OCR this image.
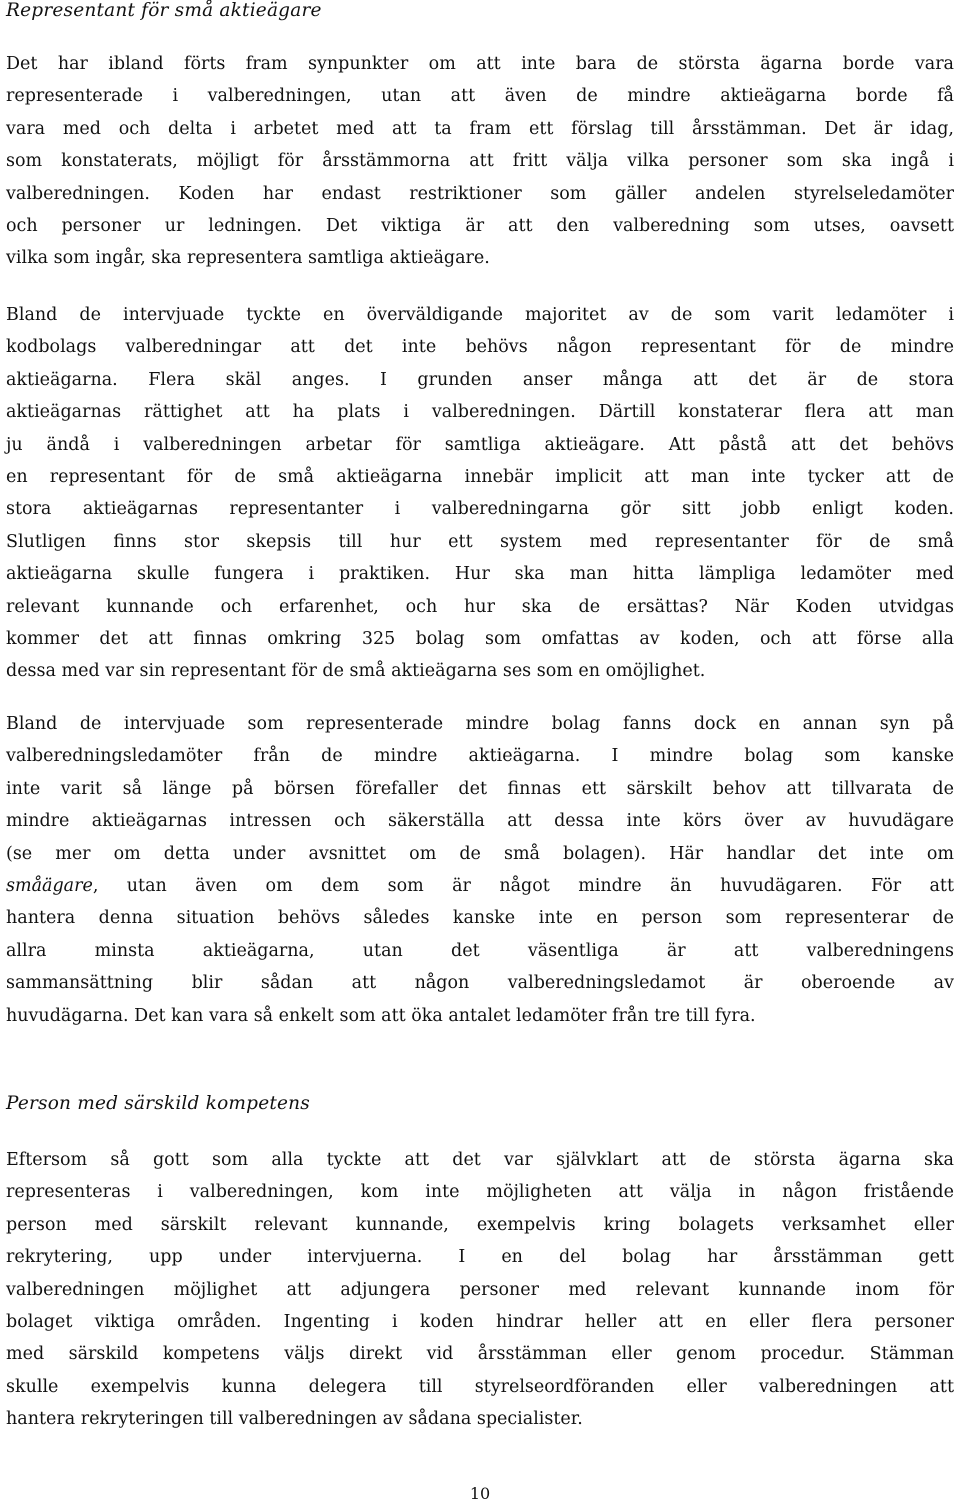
Representant för små aktieägare

Det har ibland förts fram synpunkter om att inte bara de största ägarna borde vara
representerade i valberedningen, utan att även de mindre aktieägarna borde få
vara med och delta i arbetet med att ta fram ett förslag till årsstämman. Det är idag,
som konstaterats, möjligt för årsstämmorna att fritt välja vilka personer som ska ingå i
valberedningen. Koden har endast restriktioner som gäller andelen styrelseledamöter
och personer ur ledningen. Det viktiga är att den valberedning som utses, oavsett
vilka som ingår, ska representera samtliga aktieägare.

Bland de intervjuade tyckte en överväldigande majoritet av de som varit ledamöter i
kodbolags valberedningar att det inte behövs någon representant för de mindre
aktieägarna. Flera skäl anges. I grunden anser många att det är de stora
aktieägarnas rättighet att ha plats i valberedningen. Därtill konstaterar flera att man
ju ändå i valberedningen arbetar för samtliga aktieägare. Att påstå att det behövs
en representant för de små aktieägarna innebär implicit att man inte tycker att de
stora aktieägarnas representanter i valberedningarna gör sitt jobb enligt koden.
Slutligen finns stor skepsis till hur ett system med representanter för de små
aktieägarna skulle fungera i praktiken. Hur ska man hitta lämpliga ledamöter med
relevant kunnande och erfarenhet, och hur ska de ersättas? När Koden utvidgas
kommer det att finnas omkring 325 bolag som omfattas av koden, och att förse alla
dessa med var sin representant för de små aktieägarna ses som en omöjlighet.

Bland de intervjuade som representerade mindre bolag fanns dock en annan syn på
valberedningsledamöter från de mindre aktieägarna. I mindre bolag som kanske
inte varit så länge på börsen förefaller det finnas ett särskilt behov att tillvarata de
mindre aktieägarnas intressen och säkerställa att dessa inte körs över av huvudägare
(se mer om detta under avsnittet om de små bolagen). Här handlar det inte om
småägare, utan även om dem som är något mindre än huvudägaren. För att
hantera denna situation behövs således kanske inte en person som representerar de
allra minsta aktieägarna, utan det väsentliga är att valberedningens
sammansättning blir sådan att någon valberedningsledamot är oberoende av
huvudägarna. Det kan vara så enkelt som att öka antalet ledamöter från tre till fyra.

Person med särskild kompetens

Eftersom så gott som alla tyckte att det var självklart att de största ägarna ska
representeras i valberedningen, kom inte möjligheten att välja in någon fristående
person med särskilt relevant kunnande, exempelvis kring bolagets verksamhet eller
rekrytering, upp under intervjuerna. I en del bolag har årsstämman gett
valberedningen möjlighet att adjungera personer med relevant kunnande inom för
bolaget viktiga områden. Ingenting i koden hindrar heller att en eller flera personer
med särskild kompetens väljs direkt vid årsstämman eller genom procedur. Stämman
skulle exempelvis kunna delegera till styrelseordföranden eller valberedningen att
hantera rekryteringen till valberedningen av sådana specialister.

10
